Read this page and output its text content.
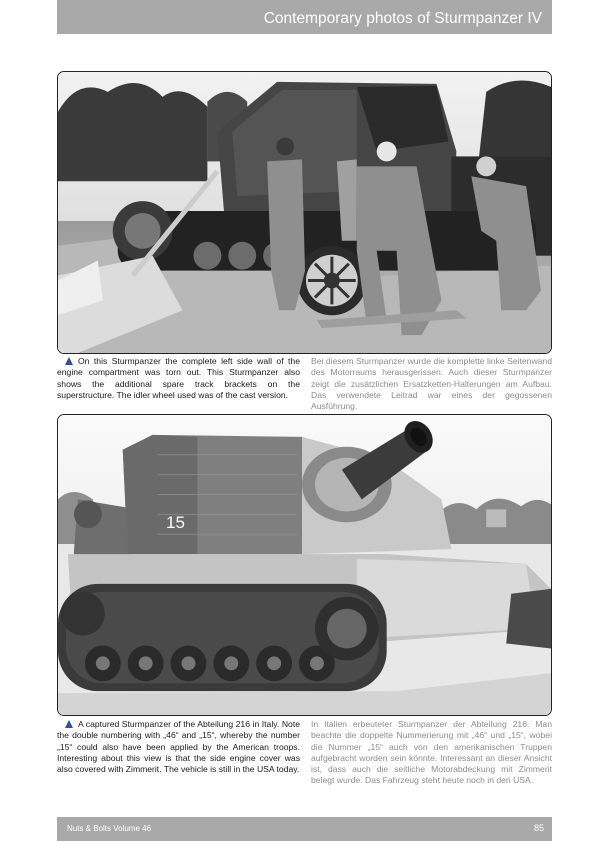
Contemporary photos of Sturmpanzer IV

On this Sturmpanzer the complete left side wall of the engine compartment was torn out. This Sturmpanzer also shows the additional spare track brackets on the superstructure. The idler wheel used was of the cast version.

Bei diesem Sturmpanzer wurde die komplette linke Seitenwand des Motorraums herausgerissen. Auch dieser Sturmpanzer zeigt die zusätzlichen Ersatzketten-Halterungen am Aufbau. Das verwendete Leitrad war eines der gegossenen Ausführung.

15

A captured Sturmpanzer of the Abteilung 216 in Italy. Note the double numbering with „46“ and „15“, whereby the number „15“ could also have been applied by the American troops. Interesting about this view is that the side engine cover was also covered with Zimmerit. The vehicle is still in the USA today.

In Italien erbeuteter Sturmpanzer der Abteilung 216. Man beachte die doppelte Nummerierung mit „46“ und „15“, wobei die Nummer „15“ auch von den amerikanischen Truppen aufgebracht worden sein könnte. Interessant an dieser Ansicht ist, dass auch die seitliche Motorabdeckung mit Zimmerit belegt wurde. Das Fahrzeug steht heute noch in den USA.

Nuts & Bolts Volume 46	85
